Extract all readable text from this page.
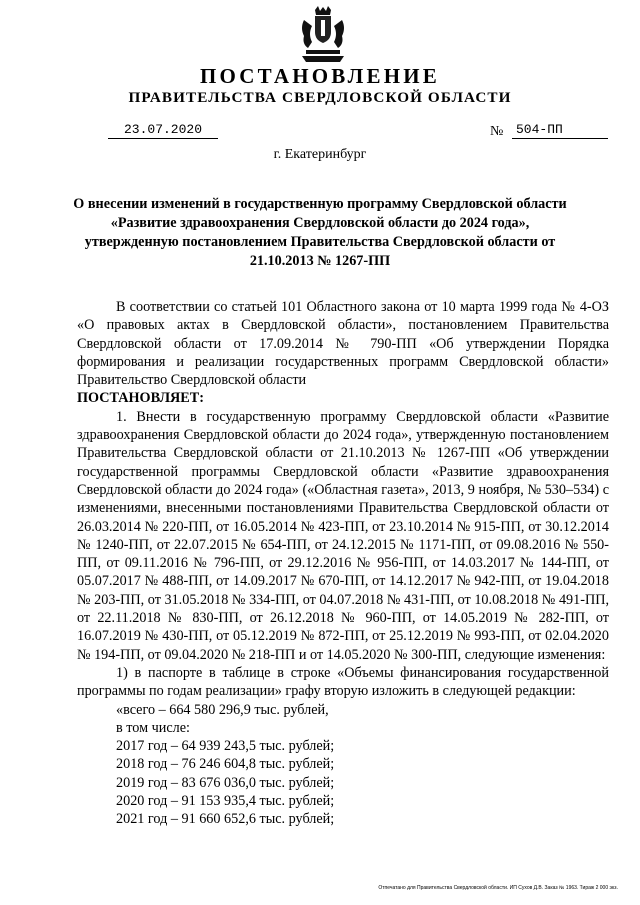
ПОСТАНОВЛЕНИЕ
ПРАВИТЕЛЬСТВА СВЕРДЛОВСКОЙ ОБЛАСТИ
23.07.2020	№ 504-ПП
г. Екатеринбург
О внесении изменений в государственную программу Свердловской области «Развитие здравоохранения Свердловской области до 2024 года», утвержденную постановлением Правительства Свердловской области от 21.10.2013 № 1267-ПП

В соответствии со статьей 101 Областного закона от 10 марта 1999 года № 4-ОЗ «О правовых актах в Свердловской области», постановлением Правительства Свердловской области от 17.09.2014 № 790-ПП «Об утверждении Порядка формирования и реализации государственных программ Свердловской области» Правительство Свердловской области

ПОСТАНОВЛЯЕТ:

1. Внести в государственную программу Свердловской области «Развитие здравоохранения Свердловской области до 2024 года», утвержденную постановлением Правительства Свердловской области от 21.10.2013 № 1267-ПП «Об утверждении государственной программы Свердловской области «Развитие здравоохранения Свердловской области до 2024 года» («Областная газета», 2013, 9 ноября, № 530–534) с изменениями, внесенными постановлениями Правительства Свердловской области от 26.03.2014 № 220-ПП, от 16.05.2014 № 423-ПП, от 23.10.2014 № 915-ПП, от 30.12.2014 № 1240-ПП, от 22.07.2015 № 654-ПП, от 24.12.2015 № 1171-ПП, от 09.08.2016 № 550-ПП, от 09.11.2016 № 796-ПП, от 29.12.2016 № 956-ПП, от 14.03.2017 № 144-ПП, от 05.07.2017 № 488-ПП, от 14.09.2017 № 670-ПП, от 14.12.2017 № 942-ПП, от 19.04.2018 № 203-ПП, от 31.05.2018 № 334-ПП, от 04.07.2018 № 431-ПП, от 10.08.2018 № 491-ПП, от 22.11.2018 № 830-ПП, от 26.12.2018 № 960-ПП, от 14.05.2019 № 282-ПП, от 16.07.2019 № 430-ПП, от 05.12.2019 № 872-ПП, от 25.12.2019 № 993-ПП, от 02.04.2020 № 194-ПП, от 09.04.2020 № 218-ПП и от 14.05.2020 № 300-ПП, следующие изменения:

1) в паспорте в таблице в строке «Объемы финансирования государственной программы по годам реализации» графу вторую изложить в следующей редакции:

«всего – 664 580 296,9 тыс. рублей,

в том числе:

2017 год – 64 939 243,5 тыс. рублей;

2018 год – 76 246 604,8 тыс. рублей;

2019 год – 83 676 036,0 тыс. рублей;

2020 год – 91 153 935,4 тыс. рублей;

2021 год – 91 660 652,6 тыс. рублей;

Отпечатано для Правительства Свердловской области. ИП Сухов Д.В. Заказ № 1963. Тираж 2 000 экз.
